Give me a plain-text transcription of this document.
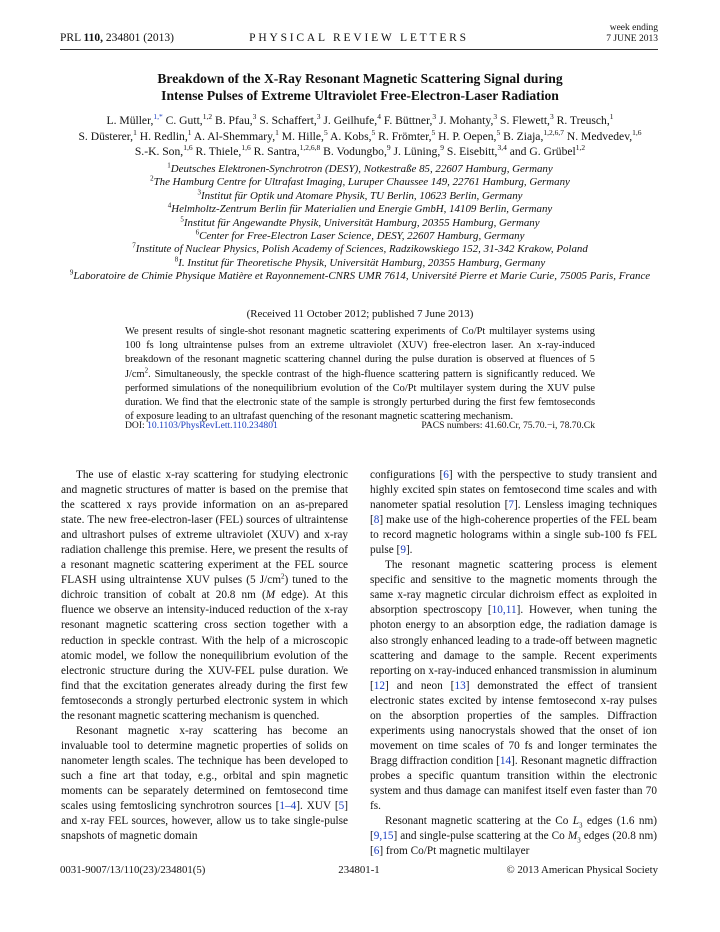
PRL 110, 234801 (2013)	PHYSICAL REVIEW LETTERS
week ending
7 JUNE 2013
Breakdown of the X-Ray Resonant Magnetic Scattering Signal during
Intense Pulses of Extreme Ultraviolet Free-Electron-Laser Radiation
L. Müller,$^{1,*}$ C. Gutt,$^{1,2}$ B. Pfau,$^3$ S. Schaffert,$^3$ J. Geilhufe,$^4$ F. Büttner,$^3$ J. Mohanty,$^3$ S. Flewett,$^3$ R. Treusch,$^1$
S. Düsterer,$^1$ H. Redlin,$^1$ A. Al-Shemmary,$^1$ M. Hille,$^5$ A. Kobs,$^5$ R. Frömter,$^5$ H. P. Oepen,$^5$ B. Ziaja,$^{1,2,6,7}$ N. Medvedev,$^{1,6}$
S.-K. Son,$^{1,6}$ R. Thiele,$^{1,6}$ R. Santra,$^{1,2,6,8}$ B. Vodungbo,$^9$ J. Lüning,$^9$ S. Eisebitt,$^{3,4}$ and G. Grübel$^{1,2}$
$^1$Deutsches Elektronen-Synchrotron (DESY), Notkestraße 85, 22607 Hamburg, Germany
$^2$The Hamburg Centre for Ultrafast Imaging, Luruper Chaussee 149, 22761 Hamburg, Germany
$^3$Institut für Optik und Atomare Physik, TU Berlin, 10623 Berlin, Germany
$^4$Helmholtz-Zentrum Berlin für Materialien und Energie GmbH, 14109 Berlin, Germany
$^5$Institut für Angewandte Physik, Universität Hamburg, 20355 Hamburg, Germany
$^6$Center for Free-Electron Laser Science, DESY, 22607 Hamburg, Germany
$^7$Institute of Nuclear Physics, Polish Academy of Sciences, Radzikowskiego 152, 31-342 Krakow, Poland
$^8$I. Institut für Theoretische Physik, Universität Hamburg, 20355 Hamburg, Germany
$^9$Laboratoire de Chimie Physique Matière et Rayonnement-CNRS UMR 7614, Université Pierre et Marie Curie, 75005 Paris, France
(Received 11 October 2012; published 7 June 2013)
We present results of single-shot resonant magnetic scattering experiments of Co/Pt multilayer systems using 100 fs long ultraintense pulses from an extreme ultraviolet (XUV) free-electron laser. An x-ray-induced breakdown of the resonant magnetic scattering channel during the pulse duration is observed at fluences of 5 $J/cm^2$. Simultaneously, the speckle contrast of the high-fluence scattering pattern is significantly reduced. We performed simulations of the nonequilibrium evolution of the Co/Pt multilayer system during the XUV pulse duration. We find that the electronic state of the sample is strongly perturbed during the first few femtoseconds of exposure leading to an ultrafast quenching of the resonant magnetic scattering mechanism.
DOI: 10.1103/PhysRevLett.110.234801	PACS numbers: 41.60.Cr, 75.70.−i, 78.70.Ck

The use of elastic x-ray scattering for studying electronic and magnetic structures of matter is based on the premise that the scattered x rays provide information on an as-prepared state. The new free-electron-laser (FEL) sources of ultraintense and ultrashort pulses of extreme ultraviolet (XUV) and x-ray radiation challenge this premise. Here, we present the results of a resonant magnetic scattering experiment at the FEL source FLASH using ultraintense XUV pulses (5 $J/cm^2$) tuned to the dichroic transition of cobalt at 20.8 nm (M edge). At this fluence we observe an intensity-induced reduction of the x-ray resonant magnetic scattering cross section together with a reduction in speckle contrast. With the help of a microscopic atomic model, we follow the nonequilibrium evolution of the electronic structure during the XUV-FEL pulse duration. We find that the excitation generates already during the first few femtoseconds a strongly perturbed electronic system in which the resonant magnetic scattering mechanism is quenched.

Resonant magnetic x-ray scattering has become an invaluable tool to determine magnetic properties of solids on nanometer length scales. The technique has been developed to such a fine art that today, e.g., orbital and spin magnetic moments can be separately determined on femtosecond time scales using femtoslicing synchrotron sources [1–4]. XUV [5] and x-ray FEL sources, however, allow us to take single-pulse snapshots of magnetic domain

configurations [6] with the perspective to study transient and highly excited spin states on femtosecond time scales and with nanometer spatial resolution [7]. Lensless imaging techniques [8] make use of the high-coherence properties of the FEL beam to record magnetic holograms within a single sub-100 fs FEL pulse [9].

The resonant magnetic scattering process is element specific and sensitive to the magnetic moments through the same x-ray magnetic circular dichroism effect as exploited in absorption spectroscopy [10,11]. However, when tuning the photon energy to an absorption edge, the radiation damage is also strongly enhanced leading to a trade-off between magnetic scattering and damage to the sample. Recent experiments reporting on x-ray-induced enhanced transmission in aluminum [12] and neon [13] demonstrated the effect of transient electronic states excited by intense femtosecond x-ray pulses on the absorption properties of the samples. Diffraction experiments using nanocrystals showed that the onset of ion movement on time scales of 70 fs and longer terminates the Bragg diffraction condition [14]. Resonant magnetic diffraction probes a specific quantum transition within the electronic system and thus damage can manifest itself even faster than 70 fs.

Resonant magnetic scattering at the Co $L_3$ edges (1.6 nm) [9,15] and single-pulse scattering at the Co $M_3$ edges (20.8 nm) [6] from Co/Pt magnetic multilayer

0031-9007/13/110(23)/234801(5)	234801-1	© 2013 American Physical Society
